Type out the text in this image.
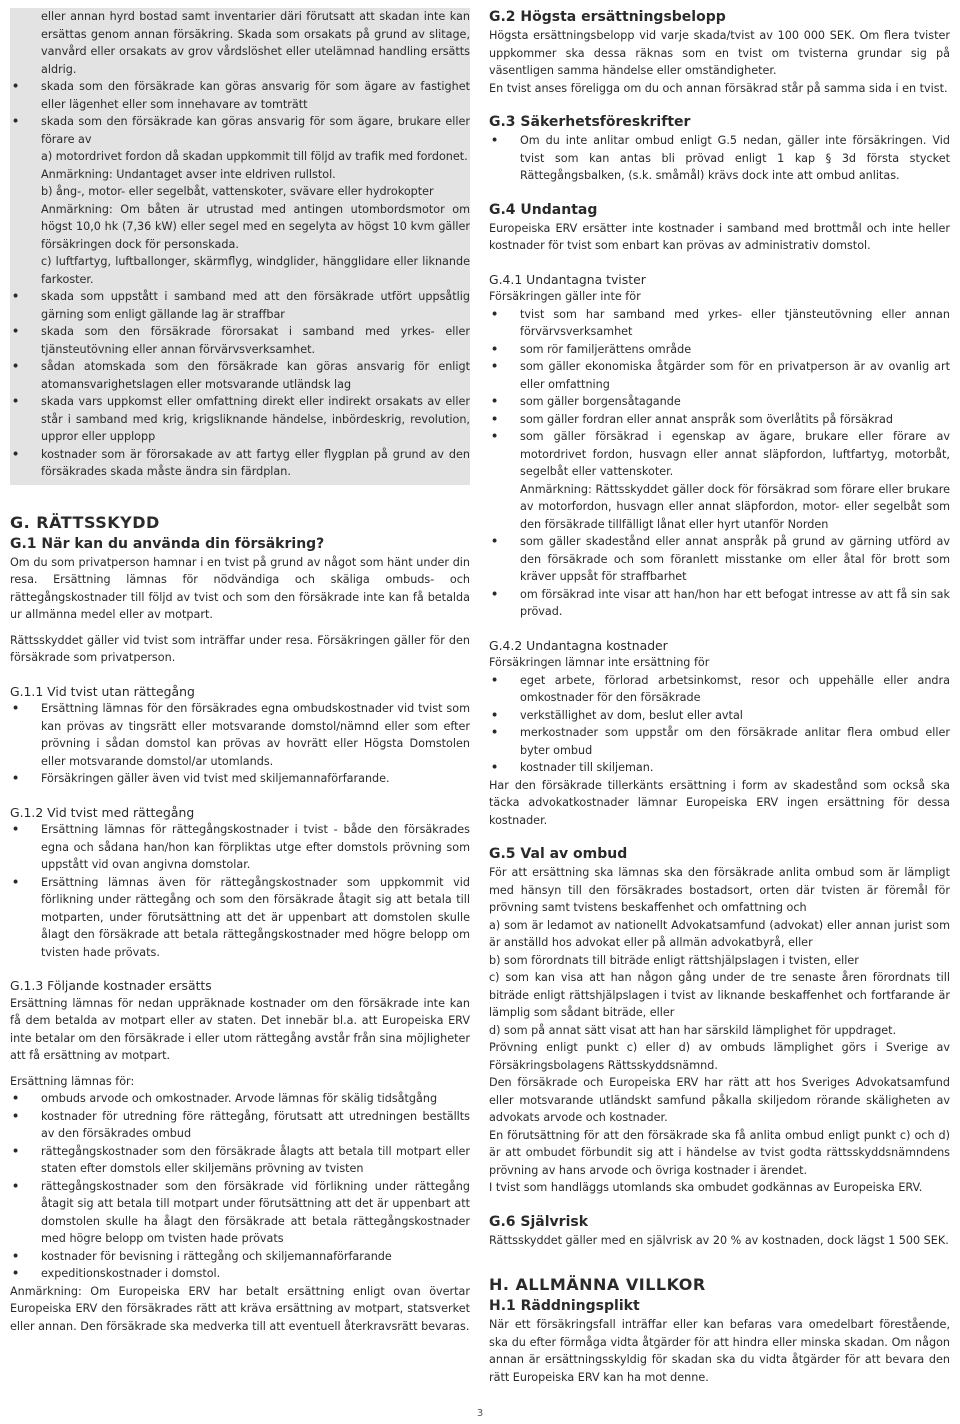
eller annan hyrd bostad samt inventarier däri förutsatt att skadan inte kan ersättas genom annan försäkring. Skada som orsakats på grund av slitage, vanvård eller orsakats av grov vårdslöshet eller utelämnad handling ersätts aldrig.

• skada som den försäkrade kan göras ansvarig för som ägare av fastighet eller lägenhet eller som innehavare av tomträtt
• skada som den försäkrade kan göras ansvarig för som ägare, brukare eller förare av

a) motordrivet fordon då skadan uppkommit till följd av trafik med fordonet.

Anmärkning: Undantaget avser inte eldriven rullstol.

b) ång-, motor- eller segelbåt, vattenskoter, svävare eller hydrokopter

Anmärkning: Om båten är utrustad med antingen utombordsmotor om högst 10,0 hk (7,36 kW) eller segel med en segelyta av högst 10 kvm gäller försäkringen dock för personskada.

c) luftfartyg, luftballonger, skärmflyg, windglider, hängglidare eller liknande farkoster.

• skada som uppstått i samband med att den försäkrade utfört uppsåtlig gärning som enligt gällande lag är straffbar
• skada som den försäkrade förorsakat i samband med yrkes- eller tjänsteutövning eller annan förvärvsverksamhet.
• sådan atomskada som den försäkrade kan göras ansvarig för enligt atomansvarighetslagen eller motsvarande utländsk lag
• skada vars uppkomst eller omfattning direkt eller indirekt orsakats av eller står i samband med krig, krigsliknande händelse, inbördeskrig, revolution, uppror eller upplopp
• kostnader som är förorsakade av att fartyg eller flygplan på grund av den försäkrades skada måste ändra sin färdplan.
G. RÄTTSSKYDD
G.1 När kan du använda din försäkring?

Om du som privatperson hamnar i en tvist på grund av något som hänt under din resa. Ersättning lämnas för nödvändiga och skäliga ombuds- och rättegångskostnader till följd av tvist och som den försäkrade inte kan få betalda ur allmänna medel eller av motpart.

Rättsskyddet gäller vid tvist som inträffar under resa. Försäkringen gäller för den försäkrade som privatperson.

G.1.1 Vid tvist utan rättegång
• Ersättning lämnas för den försäkrades egna ombudskostnader vid tvist som kan prövas av tingsrätt eller motsvarande domstol/nämnd eller som efter prövning i sådan domstol kan prövas av hovrätt eller Högsta Domstolen eller motsvarande domstol/ar utomlands.
• Försäkringen gäller även vid tvist med skiljemannaförfarande.
G.1.2 Vid tvist med rättegång
• Ersättning lämnas för rättegångskostnader i tvist - både den försäkrades egna och sådana han/hon kan förpliktas utge efter domstols prövning som uppstått vid ovan angivna domstolar.
• Ersättning lämnas även för rättegångskostnader som uppkommit vid förlikning under rättegång och som den försäkrade åtagit sig att betala till motparten, under förutsättning att det är uppenbart att domstolen skulle ålagt den försäkrade att betala rättegångskostnader med högre belopp om tvisten hade prövats.
G.1.3 Följande kostnader ersätts

Ersättning lämnas för nedan uppräknade kostnader om den försäkrade inte kan få dem betalda av motpart eller av staten. Det innebär bl.a. att Europeiska ERV inte betalar om den försäkrade i eller utom rättegång avstår från sina möjligheter att få ersättning av motpart.

Ersättning lämnas för:

• ombuds arvode och omkostnader. Arvode lämnas för skälig tidsåtgång
• kostnader för utredning före rättegång, förutsatt att utredningen beställts av den försäkrades ombud
• rättegångskostnader som den försäkrade ålagts att betala till motpart eller staten efter domstols eller skiljemäns prövning av tvisten
• rättegångskostnader som den försäkrade vid förlikning under rättegång åtagit sig att betala till motpart under förutsättning att det är uppenbart att domstolen skulle ha ålagt den försäkrade att betala rättegångskostnader med högre belopp om tvisten hade prövats
• kostnader för bevisning i rättegång och skiljemannaförfarande
• expeditionskostnader i domstol.

Anmärkning: Om Europeiska ERV har betalt ersättning enligt ovan övertar Europeiska ERV den försäkrades rätt att kräva ersättning av motpart, statsverket eller annan. Den försäkrade ska medverka till att eventuell återkravsrätt bevaras.

G.2 Högsta ersättningsbelopp

Högsta ersättningsbelopp vid varje skada/tvist av 100 000 SEK. Om flera tvister uppkommer ska dessa räknas som en tvist om tvisterna grundar sig på väsentligen samma händelse eller omständigheter.

En tvist anses föreligga om du och annan försäkrad står på samma sida i en tvist.

G.3 Säkerhetsföreskrifter
• Om du inte anlitar ombud enligt G.5 nedan, gäller inte försäkringen. Vid tvist som kan antas bli prövad enligt 1 kap § 3d första stycket Rättegångsbalken, (s.k. småmål) krävs dock inte att ombud anlitas.
G.4 Undantag

Europeiska ERV ersätter inte kostnader i samband med brottmål och inte heller kostnader för tvist som enbart kan prövas av administrativ domstol.

G.4.1 Undantagna tvister

Försäkringen gäller inte för

• tvist som har samband med yrkes- eller tjänsteutövning eller annan förvärvsverksamhet
• som rör familjerättens område
• som gäller ekonomiska åtgärder som för en privatperson är av ovanlig art eller omfattning
• som gäller borgensåtagande
• som gäller fordran eller annat anspråk som överlåtits på försäkrad
• som gäller försäkrad i egenskap av ägare, brukare eller förare av motordrivet fordon, husvagn eller annat släpfordon, luftfartyg, motorbåt, segelbåt eller vattenskoter.

Anmärkning: Rättsskyddet gäller dock för försäkrad som förare eller brukare av motorfordon, husvagn eller annat släpfordon, motor- eller segelbåt som den försäkrade tillfälligt lånat eller hyrt utanför Norden

• som gäller skadestånd eller annat anspråk på grund av gärning utförd av den försäkrade och som föranlett misstanke om eller åtal för brott som kräver uppsåt för straffbarhet
• om försäkrad inte visar att han/hon har ett befogat intresse av att få sin sak prövad.
G.4.2 Undantagna kostnader

Försäkringen lämnar inte ersättning för

• eget arbete, förlorad arbetsinkomst, resor och uppehälle eller andra omkostnader för den försäkrade
• verkställighet av dom, beslut eller avtal
• merkostnader som uppstår om den försäkrade anlitar flera ombud eller byter ombud
• kostnader till skiljeman.

Har den försäkrade tillerkänts ersättning i form av skadestånd som också ska täcka advokatkostnader lämnar Europeiska ERV ingen ersättning för dessa kostnader.

G.5 Val av ombud

För att ersättning ska lämnas ska den försäkrade anlita ombud som är lämpligt med hänsyn till den försäkrades bostadsort, orten där tvisten är föremål för prövning samt tvistens beskaffenhet och omfattning och

a) som är ledamot av nationellt Advokatsamfund (advokat) eller annan jurist som är anställd hos advokat eller på allmän advokatbyrå, eller

b) som förordnats till biträde enligt rättshjälpslagen i tvisten, eller

c) som kan visa att han någon gång under de tre senaste åren förordnats till biträde enligt rättshjälpslagen i tvist av liknande beskaffenhet och fortfarande är lämplig som sådant biträde, eller

d) som på annat sätt visat att han har särskild lämplighet för uppdraget.

Prövning enligt punkt c) eller d) av ombuds lämplighet görs i Sverige av Försäkringsbolagens Rättsskyddsnämnd.

Den försäkrade och Europeiska ERV har rätt att hos Sveriges Advokatsamfund eller motsvarande utländskt samfund påkalla skiljedom rörande skäligheten av advokats arvode och kostnader.

En förutsättning för att den försäkrade ska få anlita ombud enligt punkt c) och d) är att ombudet förbundit sig att i händelse av tvist godta rättsskyddsnämndens prövning av hans arvode och övriga kostnader i ärendet.

I tvist som handläggs utomlands ska ombudet godkännas av Europeiska ERV.

G.6 Självrisk

Rättsskyddet gäller med en självrisk av 20 % av kostnaden, dock lägst 1 500 SEK.

H. ALLMÄNNA VILLKOR
H.1 Räddningsplikt

När ett försäkringsfall inträffar eller kan befaras vara omedelbart förestående, ska du efter förmåga vidta åtgärder för att hindra eller minska skadan. Om någon annan är ersättningsskyldig för skadan ska du vidta åtgärder för att bevara den rätt Europeiska ERV kan ha mot denne.

3
